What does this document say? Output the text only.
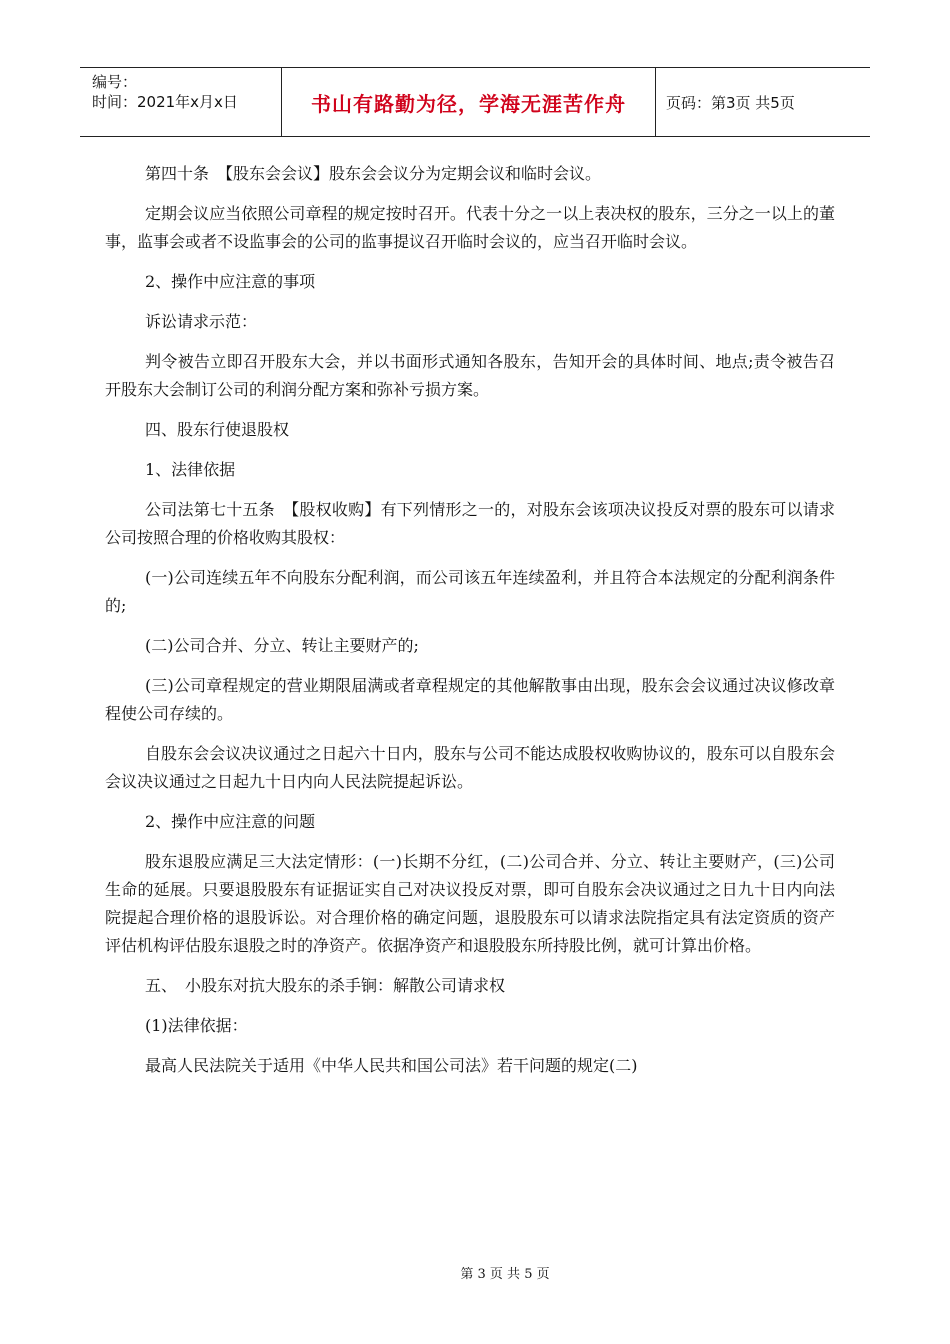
编号：
时间：2021年x月x日	书山有路勤为径，学海无涯苦作舟	页码：第3页 共5页

第四十条　【股东会会议】股东会会议分为定期会议和临时会议。

定期会议应当依照公司章程的规定按时召开。代表十分之一以上表决权的股东，三分之一以上的董事，监事会或者不设监事会的公司的监事提议召开临时会议的，应当召开临时会议。

2、操作中应注意的事项

诉讼请求示范：

判令被告立即召开股东大会，并以书面形式通知各股东，告知开会的具体时间、地点;责令被告召开股东大会制订公司的利润分配方案和弥补亏损方案。

四、股东行使退股权

1、法律依据

公司法第七十五条　【股权收购】有下列情形之一的，对股东会该项决议投反对票的股东可以请求公司按照合理的价格收购其股权：

(一)公司连续五年不向股东分配利润，而公司该五年连续盈利，并且符合本法规定的分配利润条件的;

(二)公司合并、分立、转让主要财产的;

(三)公司章程规定的营业期限届满或者章程规定的其他解散事由出现，股东会会议通过决议修改章程使公司存续的。

自股东会会议决议通过之日起六十日内，股东与公司不能达成股权收购协议的，股东可以自股东会会议决议通过之日起九十日内向人民法院提起诉讼。

2、操作中应注意的问题

股东退股应满足三大法定情形：(一)长期不分红，(二)公司合并、分立、转让主要财产，(三)公司生命的延展。只要退股股东有证据证实自己对决议投反对票，即可自股东会决议通过之日九十日内向法院提起合理价格的退股诉讼。对合理价格的确定问题，退股股东可以请求法院指定具有法定资质的资产评估机构评估股东退股之时的净资产。依据净资产和退股股东所持股比例，就可计算出价格。

五、　小股东对抗大股东的杀手锏：解散公司请求权

(1)法律依据：

最高人民法院关于适用《中华人民共和国公司法》若干问题的规定(二)

第 3 页 共 5 页
